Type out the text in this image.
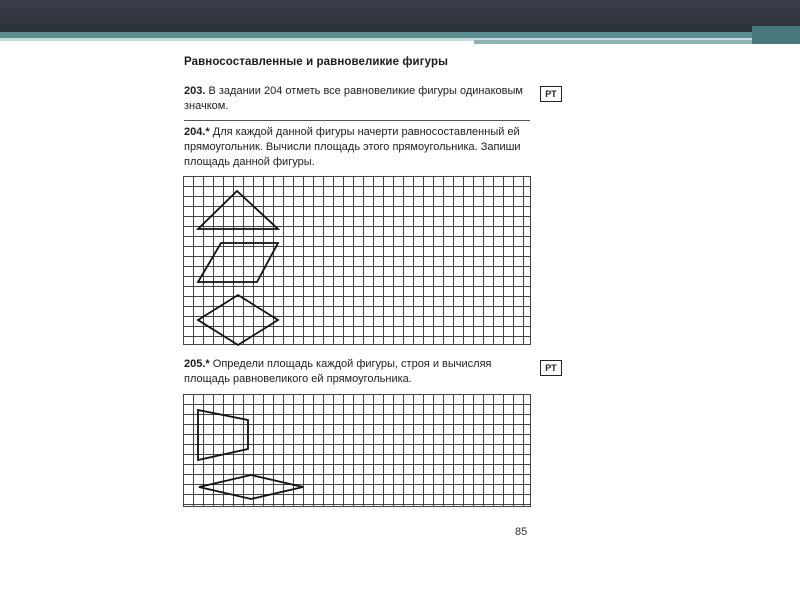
Равносоставленные и равновеликие фигуры
203. В задании 204 отметь все равновеликие фигуры одинаковым значком.
РТ
204.* Для каждой данной фигуры начерти равносоставленный ей прямоугольник. Вычисли площадь этого прямоугольника. Запиши площадь данной фигуры.
205.* Определи площадь каждой фигуры, строя и вычисляя площадь равновеликого ей прямоугольника.
РТ
85
